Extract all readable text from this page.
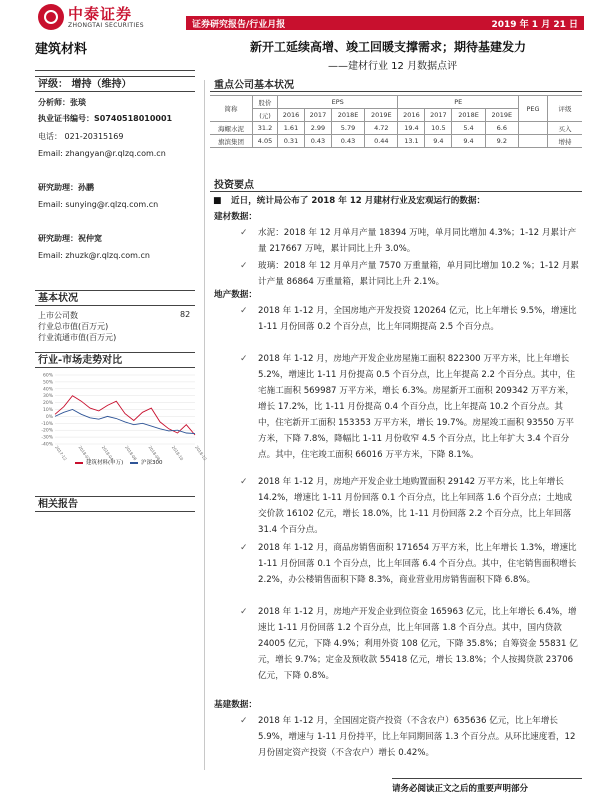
中泰证券
ZHONGTAI SECURITIES	证券研究报告/行业月报	2019 年 1 月 21 日
建筑材料	新开工延续高增、竣工回暖支撑需求；期待基建发力
——建材行业 12 月数据点评
评级： 增持（维持）
分析师：张琰
执业证书编号：S0740518010001
电话： 021-20315169
Email: zhangyan@r.qlzq.com.cn
研究助理：孙鹏
Email: sunying@r.qlzq.com.cn
研究助理：祝仲宽
Email: zhuzk@r.qlzq.com.cn
基本状况
上市公司数	82
行业总市值(百万元)
行业流通市值(百万元)
行业-市场走势对比
60%
50%
40%
30%
20%
10%
0%
-10%
-20%
-30%
-40% 2017-12 2018-02 2018-04 2018-06 2018-08 2018-10 2018-12
建筑材料(申万)	沪深300
相关报告
重点公司基本状况
简称	股价	EPS				PE				PEG	评级
	(元)	2016	2017	2018E	2019E	2016	2017	2018E	2019E		
海螺水泥	31.2	1.61	2.99	5.79	4.72	19.4	10.5	5.4	6.6		买入
旗滨集团	4.05	0.31	0.43	0.43	0.44	13.1	9.4	9.4	9.2		增持
投资要点
■ 近日，统计局公布了 2018 年 12 月建材行业及宏观运行的数据：
建材数据：
✓ 水泥：2018 年 12 月单月产量 18394 万吨，单月同比增加 4.3%；1-12 月累计产量 217667 万吨，累计同比上升 3.0%。
✓ 玻璃：2018 年 12 月单月产量 7570 万重量箱，单月同比增加 10.2 %；1-12 月累计产量 86864 万重量箱，累计同比上升 2.1%。
地产数据：
✓ 2018 年 1-12 月，全国房地产开发投资 120264 亿元，比上年增长 9.5%，增速比 1-11 月份回落 0.2 个百分点，比上年同期提高 2.5 个百分点。
✓ 2018 年 1-12 月，房地产开发企业房屋施工面积 822300 万平方米，比上年增长 5.2%，增速比 1-11 月份提高 0.5 个百分点，比上年提高 2.2 个百分点。其中，住宅施工面积 569987 万平方米，增长 6.3%。房屋新开工面积 209342 万平方米，增长 17.2%，比 1-11 月份提高 0.4 个百分点，比上年提高 10.2 个百分点。其中，住宅新开工面积 153353 万平方米，增长 19.7%。房屋竣工面积 93550 万平方米，下降 7.8%，降幅比 1-11 月份收窄 4.5 个百分点，比上年扩大 3.4 个百分点。其中，住宅竣工面积 66016 万平方米，下降 8.1%。
✓ 2018 年 1-12 月，房地产开发企业土地购置面积 29142 万平方米，比上年增长 14.2%，增速比 1-11 月份回落 0.1 个百分点，比上年回落 1.6 个百分点；土地成交价款 16102 亿元，增长 18.0%，比 1-11 月份回落 2.2 个百分点，比上年回落 31.4 个百分点。
✓ 2018 年 1-12 月，商品房销售面积 171654 万平方米，比上年增长 1.3%，增速比 1-11 月份回落 0.1 个百分点，比上年回落 6.4 个百分点。其中，住宅销售面积增长 2.2%，办公楼销售面积下降 8.3%，商业营业用房销售面积下降 6.8%。
✓ 2018 年 1-12 月，房地产开发企业到位资金 165963 亿元，比上年增长 6.4%，增速比 1-11 月份回落 1.2 个百分点，比上年回落 1.8 个百分点。其中，国内贷款 24005 亿元，下降 4.9%；利用外资 108 亿元，下降 35.8%；自筹资金 55831 亿元，增长 9.7%；定金及预收款 55418 亿元，增长 13.8%；个人按揭贷款 23706 亿元，下降 0.8%。
基建数据：
✓ 2018 年 1-12 月，全国固定资产投资（不含农户）635636 亿元，比上年增长 5.9%，增速与 1-11 月份持平，比上年同期回落 1.3 个百分点。从环比速度看，12 月份固定资产投资（不含农户）增长 0.42%。
请务必阅读正文之后的重要声明部分
